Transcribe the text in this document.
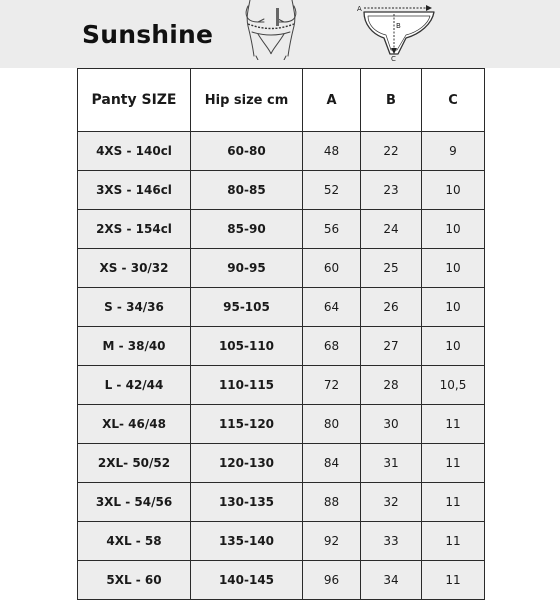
Sunshine
A
B
C
Panty SIZE	Hip size cm	A	B	C
4XS - 140cl	60-80	48	22	9
3XS - 146cl	80-85	52	23	10
2XS - 154cl	85-90	56	24	10
XS - 30/32	90-95	60	25	10
S - 34/36	95-105	64	26	10
M - 38/40	105-110	68	27	10
L - 42/44	110-115	72	28	10,5
XL- 46/48	115-120	80	30	11
2XL- 50/52	120-130	84	31	11
3XL - 54/56	130-135	88	32	11
4XL - 58	135-140	92	33	11
5XL - 60	140-145	96	34	11
